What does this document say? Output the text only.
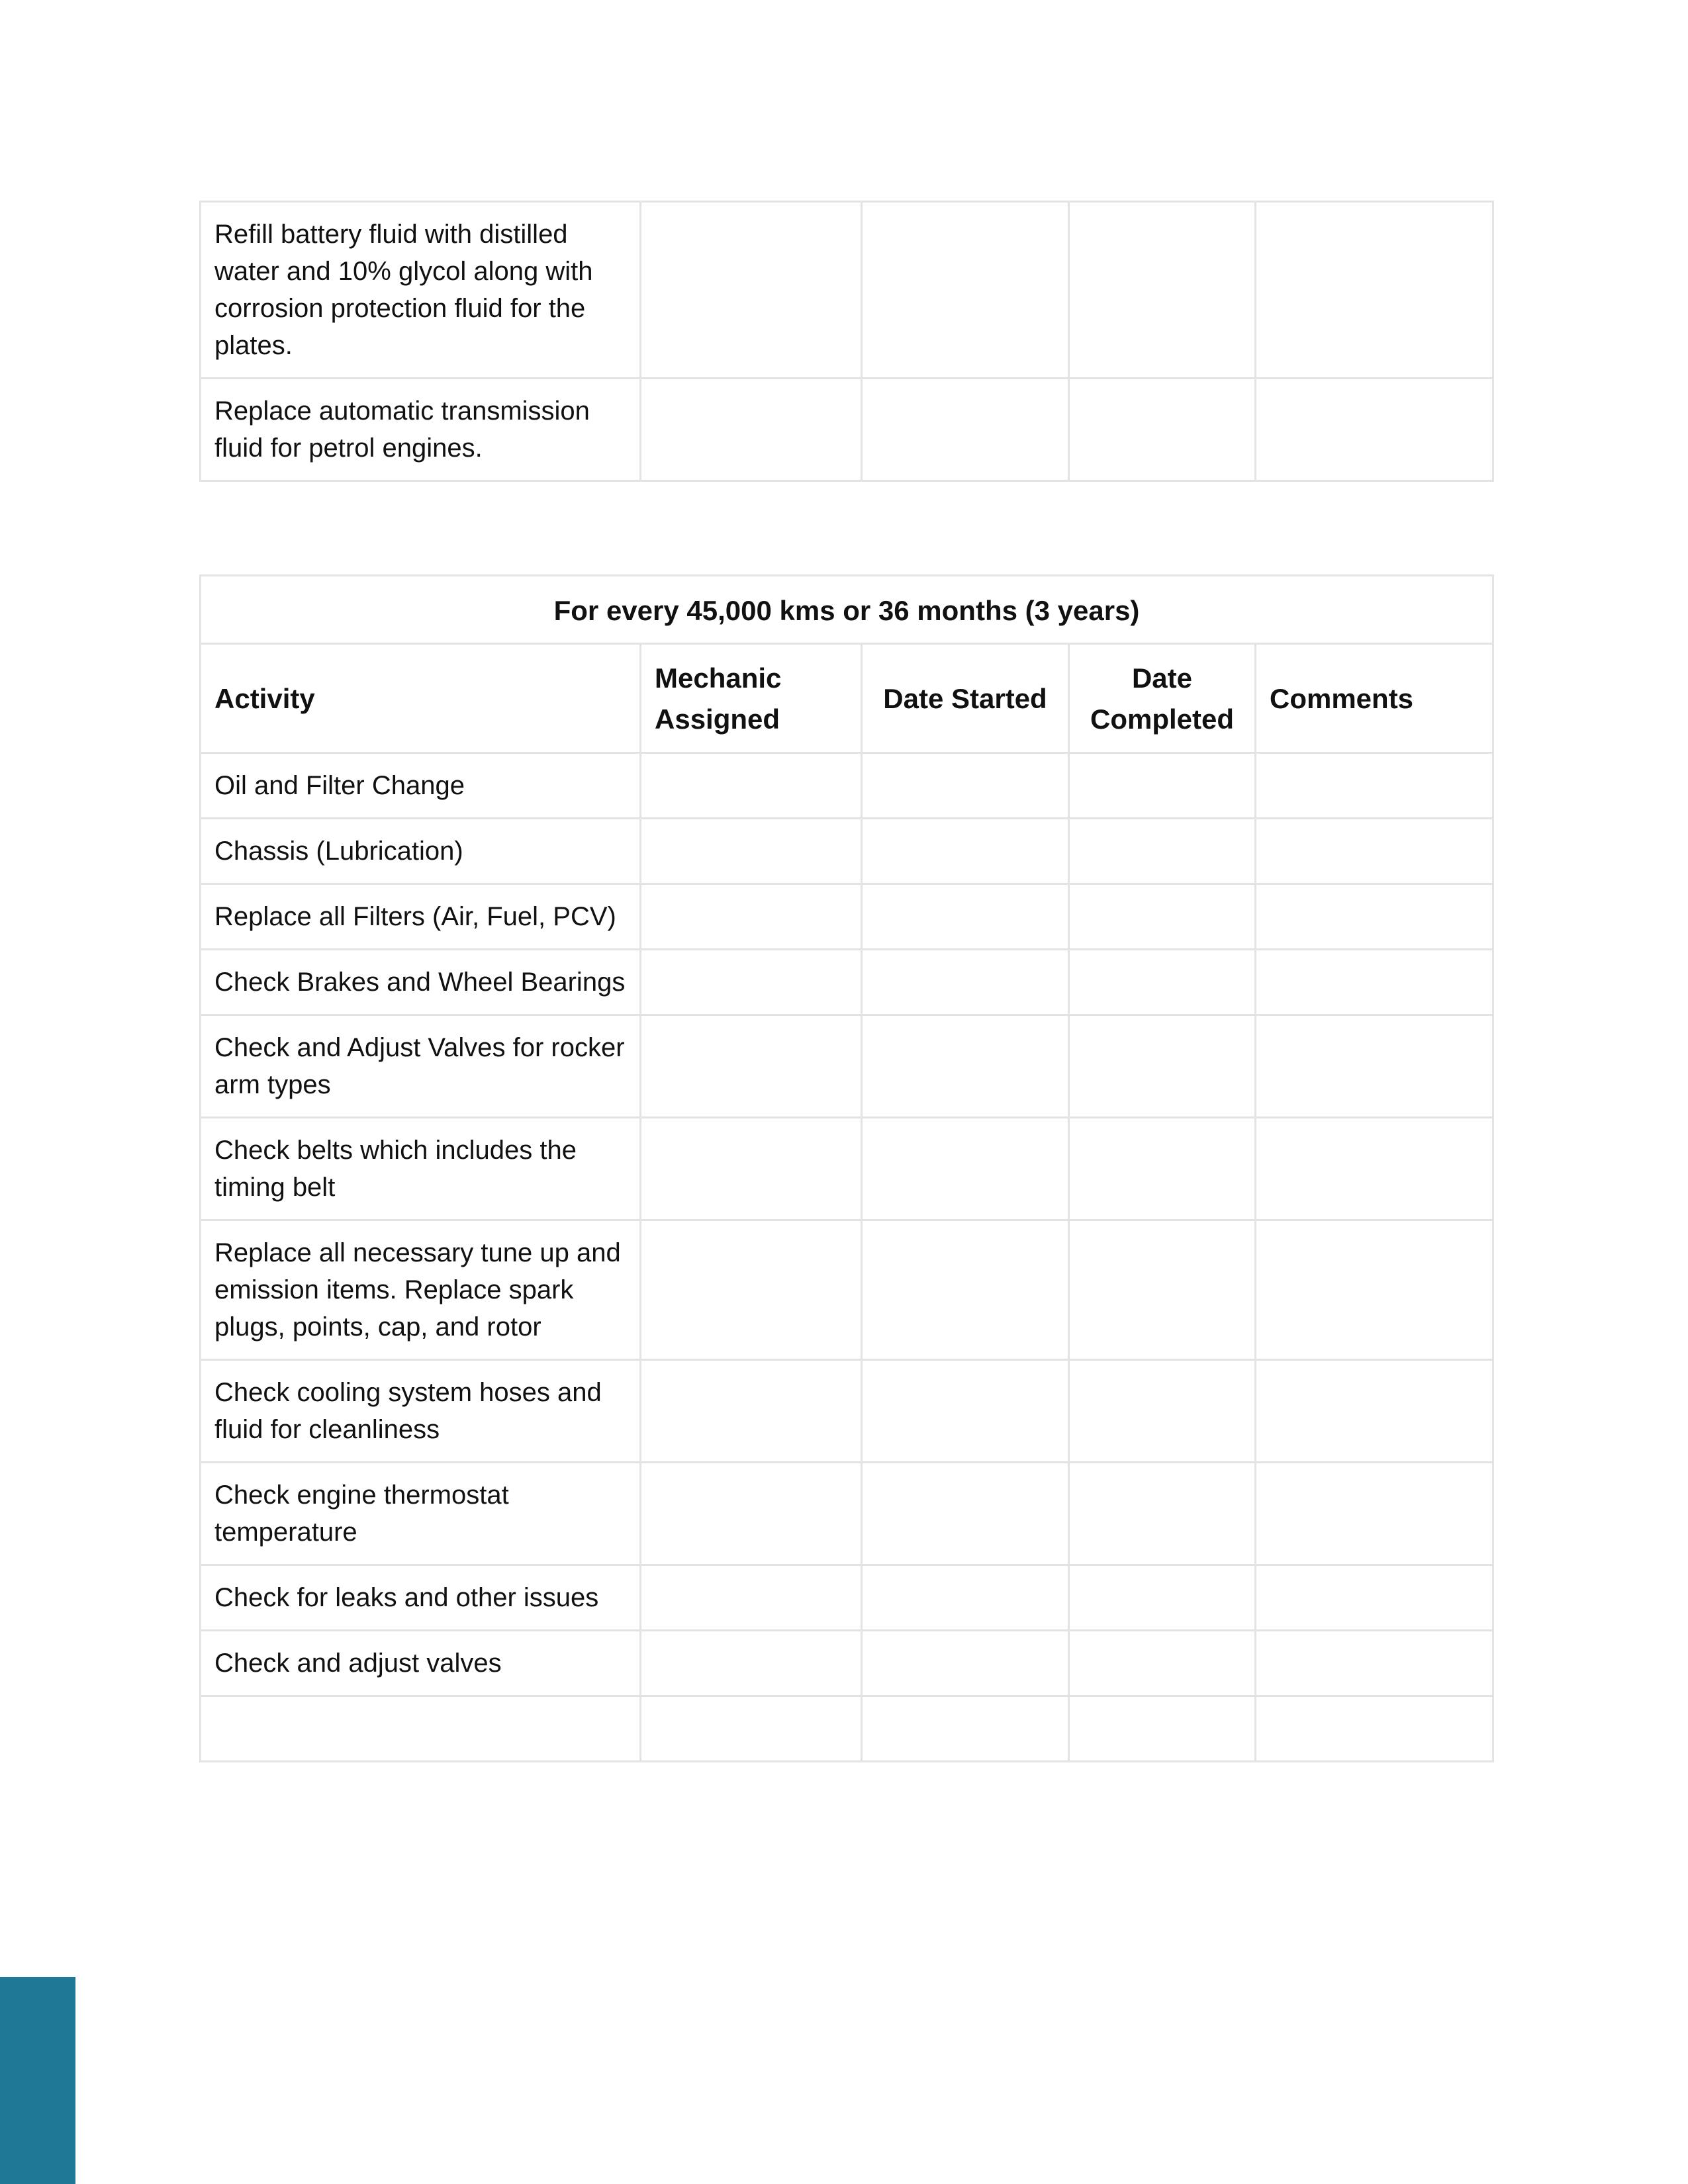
Refill battery fluid with distilled water and 10% glycol along with corrosion protection fluid for the plates.				
Replace automatic transmission fluid for petrol engines.				
For every 45,000 kms or 36 months (3 years)				
Activity	Mechanic Assigned	Date Started	Date Completed	Comments
Oil and Filter Change				
Chassis (Lubrication)				
Replace all Filters (Air, Fuel, PCV)				
Check Brakes and Wheel Bearings				
Check and Adjust Valves for rocker arm types				
Check belts which includes the timing belt				
Replace all necessary tune up and emission items. Replace spark plugs, points, cap, and rotor				
Check cooling system hoses and fluid for cleanliness				
Check engine thermostat temperature				
Check for leaks and other issues				
Check and adjust valves				
